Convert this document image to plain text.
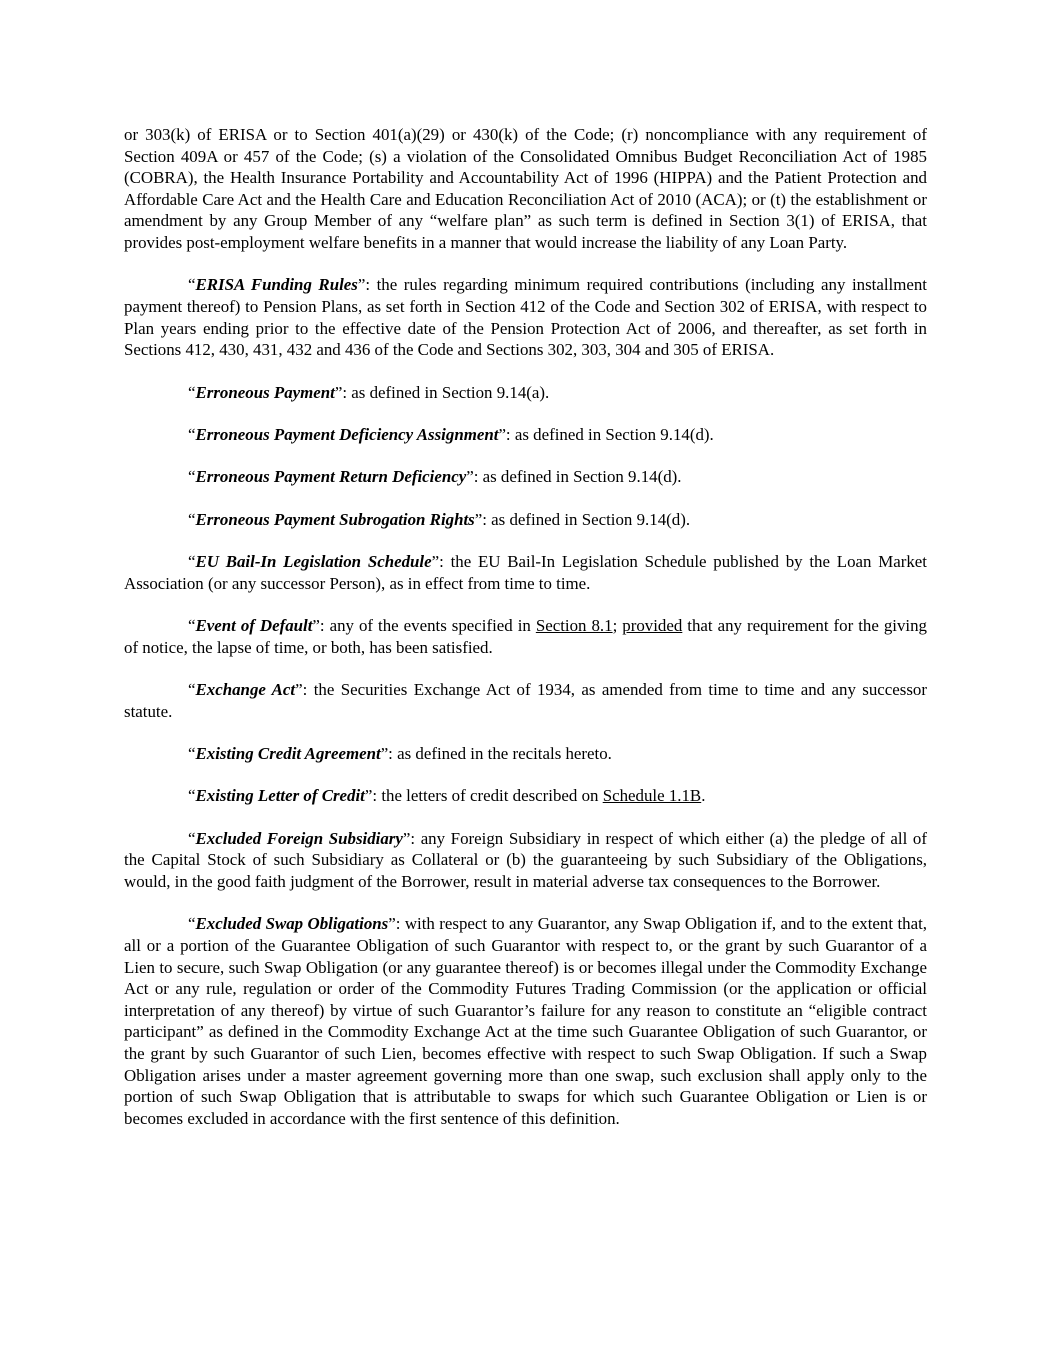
or 303(k) of ERISA or to Section 401(a)(29) or 430(k) of the Code; (r) noncompliance with any requirement of Section 409A or 457 of the Code; (s) a violation of the Consolidated Omnibus Budget Reconciliation Act of 1985 (COBRA), the Health Insurance Portability and Accountability Act of 1996 (HIPPA) and the Patient Protection and Affordable Care Act and the Health Care and Education Reconciliation Act of 2010 (ACA); or (t) the establishment or amendment by any Group Member of any “welfare plan” as such term is defined in Section 3(1) of ERISA, that provides post-employment welfare benefits in a manner that would increase the liability of any Loan Party.

“ERISA Funding Rules”: the rules regarding minimum required contributions (including any installment payment thereof) to Pension Plans, as set forth in Section 412 of the Code and Section 302 of ERISA, with respect to Plan years ending prior to the effective date of the Pension Protection Act of 2006, and thereafter, as set forth in Sections 412, 430, 431, 432 and 436 of the Code and Sections 302, 303, 304 and 305 of ERISA.

“Erroneous Payment”: as defined in Section 9.14(a).

“Erroneous Payment Deficiency Assignment”: as defined in Section 9.14(d).

“Erroneous Payment Return Deficiency”: as defined in Section 9.14(d).

“Erroneous Payment Subrogation Rights”: as defined in Section 9.14(d).

“EU Bail-In Legislation Schedule”: the EU Bail-In Legislation Schedule published by the Loan Market Association (or any successor Person), as in effect from time to time.

“Event of Default”: any of the events specified in Section 8.1; provided that any requirement for the giving of notice, the lapse of time, or both, has been satisfied.

“Exchange Act”: the Securities Exchange Act of 1934, as amended from time to time and any successor statute.

“Existing Credit Agreement”: as defined in the recitals hereto.

“Existing Letter of Credit”: the letters of credit described on Schedule 1.1B.

“Excluded Foreign Subsidiary”: any Foreign Subsidiary in respect of which either (a) the pledge of all of the Capital Stock of such Subsidiary as Collateral or (b) the guaranteeing by such Subsidiary of the Obligations, would, in the good faith judgment of the Borrower, result in material adverse tax consequences to the Borrower.

“Excluded Swap Obligations”: with respect to any Guarantor, any Swap Obligation if, and to the extent that, all or a portion of the Guarantee Obligation of such Guarantor with respect to, or the grant by such Guarantor of a Lien to secure, such Swap Obligation (or any guarantee thereof) is or becomes illegal under the Commodity Exchange Act or any rule, regulation or order of the Commodity Futures Trading Commission (or the application or official interpretation of any thereof) by virtue of such Guarantor’s failure for any reason to constitute an “eligible contract participant” as defined in the Commodity Exchange Act at the time such Guarantee Obligation of such Guarantor, or the grant by such Guarantor of such Lien, becomes effective with respect to such Swap Obligation. If such a Swap Obligation arises under a master agreement governing more than one swap, such exclusion shall apply only to the portion of such Swap Obligation that is attributable to swaps for which such Guarantee Obligation or Lien is or becomes excluded in accordance with the first sentence of this definition.
